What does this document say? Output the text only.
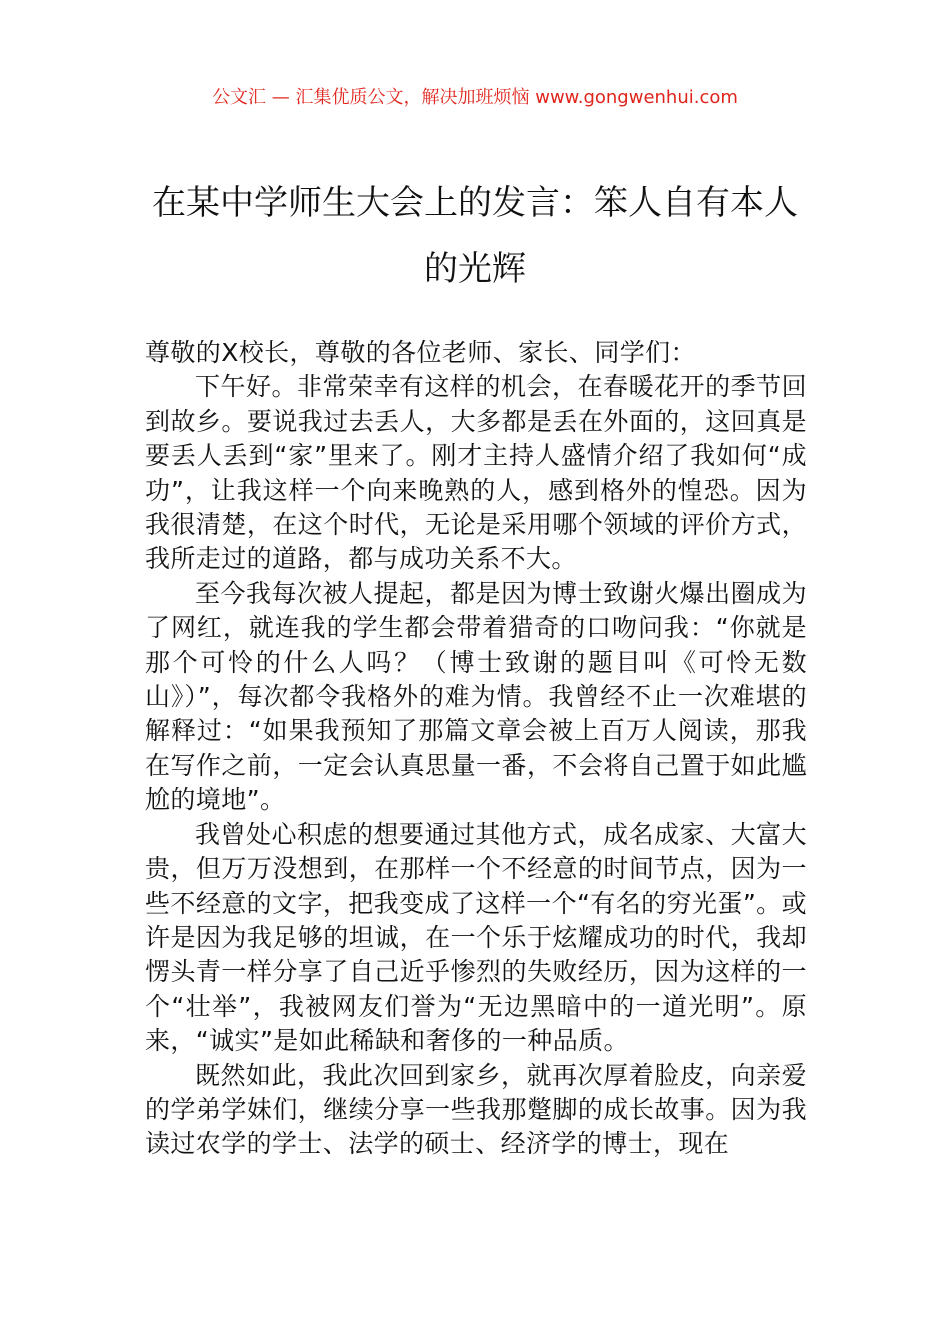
公文汇 — 汇集优质公文，解决加班烦恼 www.gongwenhui.com
在某中学师生大会上的发言：笨人自有本人的光辉

尊敬的X校长，尊敬的各位老师、家长、同学们：

下午好。非常荣幸有这样的机会，在春暖花开的季节回到故乡。要说我过去丢人，大多都是丢在外面的，这回真是要丢人丢到“家”里来了。刚才主持人盛情介绍了我如何“成功”，让我这样一个向来晚熟的人，感到格外的惶恐。因为我很清楚，在这个时代，无论是采用哪个领域的评价方式，我所走过的道路，都与成功关系不大。

至今我每次被人提起，都是因为博士致谢火爆出圈成为了网红，就连我的学生都会带着猎奇的口吻问我：“你就是那个可怜的什么人吗？（博士致谢的题目叫《可怜无数山》）”，每次都令我格外的难为情。我曾经不止一次难堪的解释过：“如果我预知了那篇文章会被上百万人阅读，那我在写作之前，一定会认真思量一番，不会将自己置于如此尴尬的境地”。

我曾处心积虑的想要通过其他方式，成名成家、大富大贵，但万万没想到，在那样一个不经意的时间节点，因为一些不经意的文字，把我变成了这样一个“有名的穷光蛋”。或许是因为我足够的坦诚，在一个乐于炫耀成功的时代，我却愣头青一样分享了自己近乎惨烈的失败经历，因为这样的一个“壮举”，我被网友们誉为“无边黑暗中的一道光明”。原来，“诚实”是如此稀缺和奢侈的一种品质。

既然如此，我此次回到家乡，就再次厚着脸皮，向亲爱的学弟学妹们，继续分享一些我那蹩脚的成长故事。因为我读过农学的学士、法学的硕士、经济学的博士，现在
